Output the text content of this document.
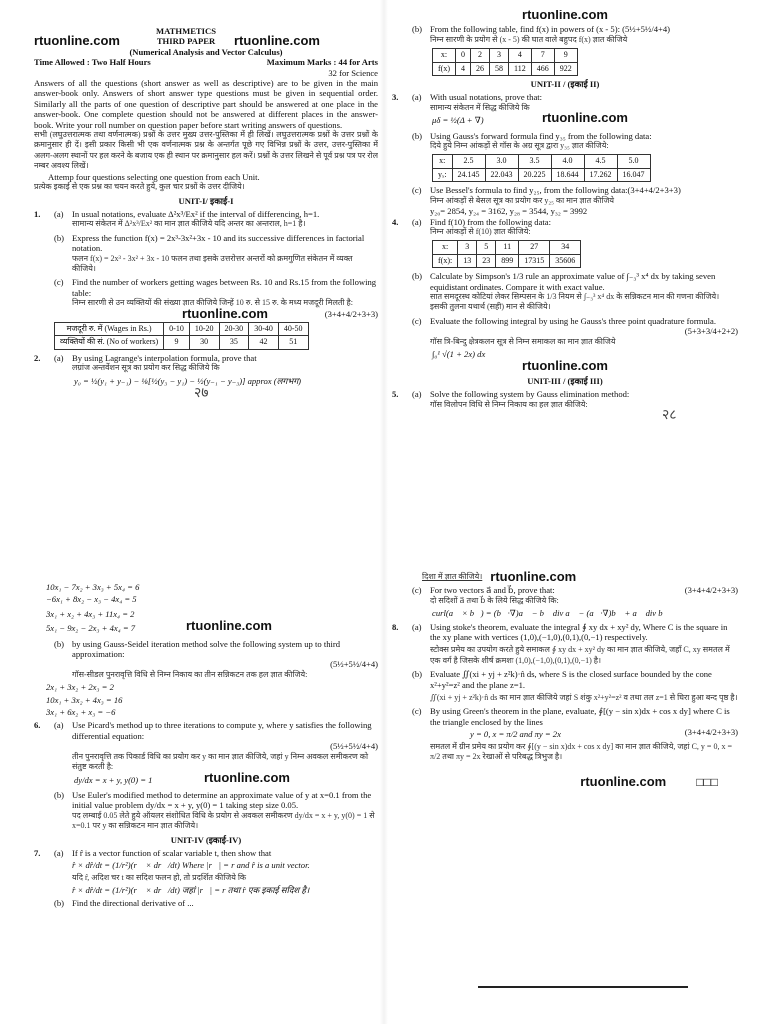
rtuonline.com
MATHMETICS
THIRD PAPER	rtuonline.com
(Numerical Analysis and Vector Calculus)
Time Allowed : Two Half Hours	Maximum Marks : 44 for Arts
32 for Science

Answers of all the questions (short answer as well as descriptive) are to be given in the main answer-book only. Answers of short answer type questions must be given in sequential order. Similarly all the parts of one question of descriptive part should be answered at one place in the answer-book. One complete question should not be answered at different places in the answer-book. Write your roll number on question paper before start writing answers of questions.

सभी (लघुउत्तरात्मक तथा वर्णनात्मक) प्रश्नों के उत्तर मुख्य उत्तर-पुस्तिका में ही लिखें। लघुउत्तरात्मक प्रश्नों के उत्तर प्रश्नों के क्रमानुसार ही दें। इसी प्रकार किसी भी एक वर्णनात्मक प्रश्न के अन्तर्गत पूछे गए विभिन्न प्रश्नों के उत्तर, उत्तर-पुस्तिका में अलग-अलग स्थानों पर हल करने के बजाय एक ही स्थान पर क्रमानुसार हल करें। प्रश्नों के उत्तर लिखने से पूर्व प्रश्न पत्र पर रोल नम्बर अवश्य लिखें।

Attemp four questions selecting one question from each Unit.

प्रत्येक इकाई से एक प्रश्न का चयन करते हुये, कुल चार प्रश्नों के उत्तर दीजिये।

UNIT-I/ इकाई-I
1.	(a) In usual notations, evaluate Δ²x³/Ex² if the interval of differencing, h=1.

सामान्य संकेतन में Δ²x³/Ex² का मान ज्ञात कीजिये यदि अन्तर का अन्तराल, h=1 है।

(b) Express the function f(x) = 2x³-3x²+3x - 10 and its successive differences in factorial notation.

फलन f(x) = 2x³ - 3x² + 3x - 10 फलन तथा इसके उत्तरोत्तर अन्तरों को क्रमगुणित संकेतन में व्यक्त कीजिये।

(c) Find the number of workers getting wages between Rs. 10 and Rs.15 from the following table:

निम्न सारणी से उन व्यक्तियों की संख्या ज्ञात कीजिये जिन्हें 10 रु. से 15 रु. के मध्य मजदूरी मिलती है:

rtuonline.com	(3+4+4/2+3+3)
मजदूरी रु. में (Wages in Rs.)	0-10	10-20	20-30	30-40	40-50
व्यक्तियों की सं. (No of workers)	9	30	35	42	51
2.	(a) By using Lagrange's interpolation formula, prove that

लग्रांज अन्तर्वेशन सूत्र का प्रयोग कर सिद्ध कीजिये कि

y₀ = ½(y₁ + y₋₁) − ⅛[½(y₃ − y₁) − ½(y₋₁ − y₋₃)] approx (लगभग)

२७
rtuonline.com
(b) From the following table, find f(x) in powers of (x - 5): (5½+5½/4+4)

निम्न सारणी के प्रयोग से (x - 5) की घात वाले बहुपद f(x) ज्ञात कीजिये

x:	0	2	3	4	7	9
f(x)	4	26	58	112	466	922
UNIT-II / (इकाई II)
3.	(a) With usual notations, prove that:

सामान्य संकेतन में सिद्ध कीजिये कि

μδ = ½(Δ + ∇)	rtuonline.com
(b) Using Gauss's forward formula find y₃₅ from the following data:

दिये हुये निम्न आंकड़ों से गॉस के अग्र सूत्र द्वारा y₃₅ ज्ञात कीजिये:

x:	2.5	3.0	3.5	4.0	4.5	5.0
yₓ:	24.145	22.043	20.225	18.644	17.262	16.047
(c) Use Bessel's formula to find y₂₅, from the following data:(3+4+4/2+3+3)

निम्न आंकड़ों से बेसल सूत्र का प्रयोग कर y₂₅ का मान ज्ञात कीजिये

y₂₀= 2854, y₂₄ = 3162, y₂₈ = 3544, y₃₂ = 3992

4.	(a) Find f(10) from the following data:

निम्न आंकड़ों से f(10) ज्ञात कीजिये:

x:	3	5	11	27	34
f(x):	13	23	899	17315	35606
(b) Calculate by Simpson's 1/3 rule an approximate value of ∫₋₃³ x⁴ dx by taking seven equidistant ordinates. Compare it with exact value.

सात समदूरस्थ कोटियां लेकर सिम्पसन के 1/3 नियम से ∫₋₃³ x⁴ dx के सन्निकटन मान की गणना कीजिये। इसकी तुलना यथार्थ (सही) मान से कीजिये।

(c) Evaluate the following integral by using he Gauss's three point quadrature formula.

(5+3+3/4+2+2)

गॉस त्रि-बिन्दु क्षेत्रकलन सूत्र से निम्न समाकल का मान ज्ञात कीजिये

∫₀¹ √(1 + 2x) dx

rtuonline.com
UNIT-III / (इकाई III)
5.	(a) Solve the following system by Gauss elimination method:

गॉस विलोपन विधि से निम्न निकाय का हल ज्ञात कीजिये:

२८

10x₁ − 7x₂ + 3x₃ + 5x₄ = 6

−6x₁ + 8x₂ − x₃ − 4x₄ = 5

3x₁ + x₂ + 4x₃ + 11x₄ = 2

5x₁ − 9x₂ − 2x₃ + 4x₄ = 7	rtuonline.com
(b) by using Gauss-Seidel iteration method solve the following system up to third approximation:

(5½+5½/4+4)

गॉस-सीडल पुनरावृत्ति विधि से निम्न निकाय का तीन सन्निकटन तक हल ज्ञात कीजिये:

2x₁ + 3x₂ + 2x₃ = 2

10x₁ + 3x₂ + 4x₃ = 16

3x₁ + 6x₂ + x₃ = −6

6.	(a) Use Picard's method up to three iterations to compute y, where y satisfies the following differential equation:

(5½+5½/4+4)

तीन पुनरावृत्ति तक पिकार्ड विधि का प्रयोग कर y का मान ज्ञात कीजिये, जहां y निम्न अवकल समीकरण को संतुष्ट करती है:

dy/dx = x + y, y(0) = 1	rtuonline.com
(b) Use Euler's modified method to determine an approximate value of y at x=0.1 from the initial value problem dy/dx = x + y, y(0) = 1 taking step size 0.05.

पद लम्बाई 0.05 लेते हुये ऑयलर संशोधित विधि के प्रयोग से अवकल समीकरण dy/dx = x + y, y(0) = 1 से x=0.1 पर y का सन्निकटन मान ज्ञात कीजिये।

UNIT-IV (इकाई-IV)
7.	(a) If r̂ is a vector function of scalar variable t, then show that

r̂ × dr̂/dt = (1/r²)(r⃗ × dr⃗/dt) Where |r⃗| = r and r̂ is a unit vector.

यदि r̂, अदिश चर t का सदिश फलन हो, तो प्रदर्शित कीजिये कि

r̂ × dr̂/dt = (1/r²)(r⃗ × dr⃗/dt) जहां |r⃗| = r तथा r̂ एक इकाई सदिश है।

(b) Find the directional derivative of ...

दिशा में ज्ञात कीजिये। rtuonline.com
(c) For two vectors a⃗ and b⃗, prove that:	(3+4+4/2+3+3)

दो सदिशों a⃗ तथा b⃗ के लिये सिद्ध कीजिये कि:

curl(a⃗ × b⃗) = (b⃗·∇)a⃗ − b⃗ div a⃗ − (a⃗·∇)b⃗ + a⃗ div b⃗

8.	(a) Using stoke's theorem, evaluate the integral ∮ xy dx + xy² dy, Where C is the square in the xy plane with vertices (1,0),(−1,0),(0,1),(0,−1) respectively.

स्टोक्स प्रमेय का उपयोग करते हुये समाकल ∮ xy dx + xy² dy का मान ज्ञात कीजिये, जहाँ C, xy समतल में एक वर्ग है जिसके शीर्ष क्रमशः (1,0),(−1,0),(0,1),(0,−1) है।

(b) Evaluate ∬(xi + yj + z²k)·n̂ ds, where S is the closed surface bounded by the cone x²+y²=z² and the plane z=1.

∬(xi + yj + z²k)·n̂ ds का मान ज्ञात कीजिये जहां S शंकु x²+y²=z² व तथा तल z=1 से घिरा हुआ बन्द पृष्ठ है।

(c) By using Green's theorem in the plane, evaluate, ∮[(y − sin x)dx + cos x dy] where C is the triangle enclosed by the lines

y = 0, x = π/2 and πy = 2x	(3+4+4/2+3+3)

समतल में ग्रीन प्रमेय का प्रयोग कर ∮[(y − sin x)dx + cos x dy] का मान ज्ञात कीजिये, जहां C, y = 0, x = π/2 तथा πy = 2x रेखाओं से परिबद्ध त्रिभुज है।

rtuonline.com	□□□
